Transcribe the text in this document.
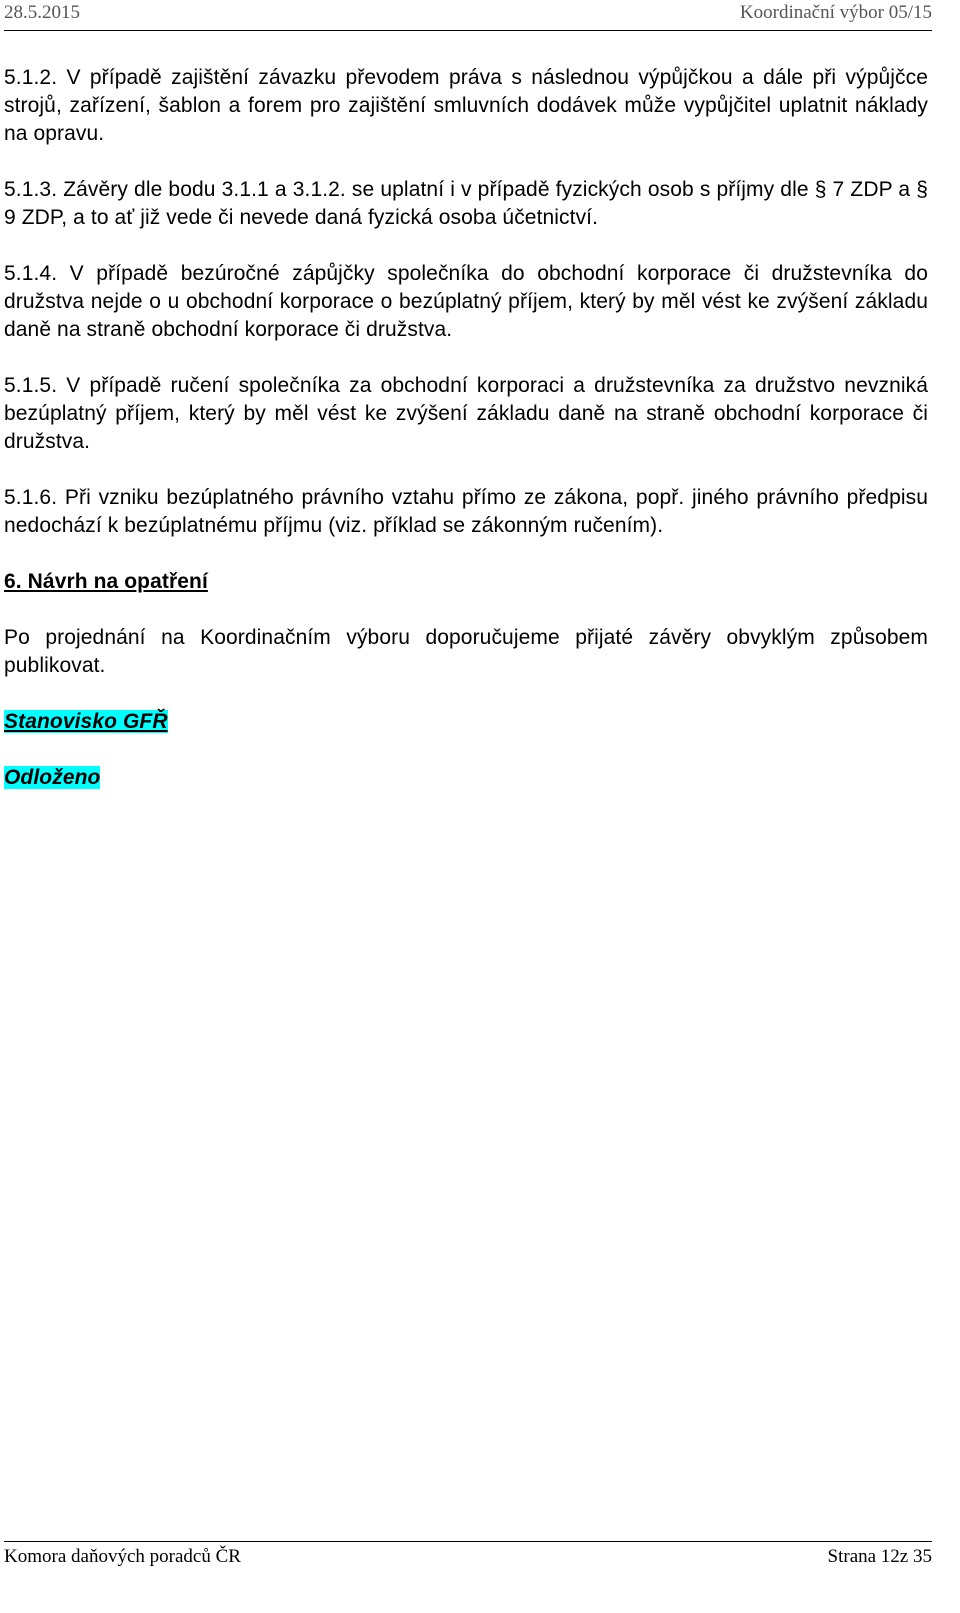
28.5.2015	Koordinační výbor 05/15

5.1.2. V případě zajištění závazku převodem práva s následnou výpůjčkou a dále při výpůjčce strojů, zařízení, šablon a forem pro zajištění smluvních dodávek může vypůjčitel uplatnit náklady na opravu.

5.1.3. Závěry dle bodu 3.1.1 a 3.1.2. se uplatní i v případě fyzických osob s příjmy dle § 7 ZDP a § 9 ZDP, a to ať již vede či nevede daná fyzická osoba účetnictví.

5.1.4. V případě bezúročné zápůjčky společníka do obchodní korporace či družstevníka do družstva nejde o u obchodní korporace o bezúplatný příjem, který by měl vést ke zvýšení základu daně na straně obchodní korporace či družstva.

5.1.5. V případě ručení společníka za obchodní korporaci a družstevníka za družstvo nevzniká bezúplatný příjem, který by měl vést ke zvýšení základu daně na straně obchodní korporace či družstva.

5.1.6. Při vzniku bezúplatného právního vztahu přímo ze zákona, popř. jiného právního předpisu nedochází k bezúplatnému příjmu (viz. příklad se zákonným ručením).

6. Návrh na opatření

Po projednání na Koordinačním výboru doporučujeme přijaté závěry obvyklým způsobem publikovat.

Stanovisko GFŘ

Odloženo

Komora daňových poradců ČR	Strana 12z 35
